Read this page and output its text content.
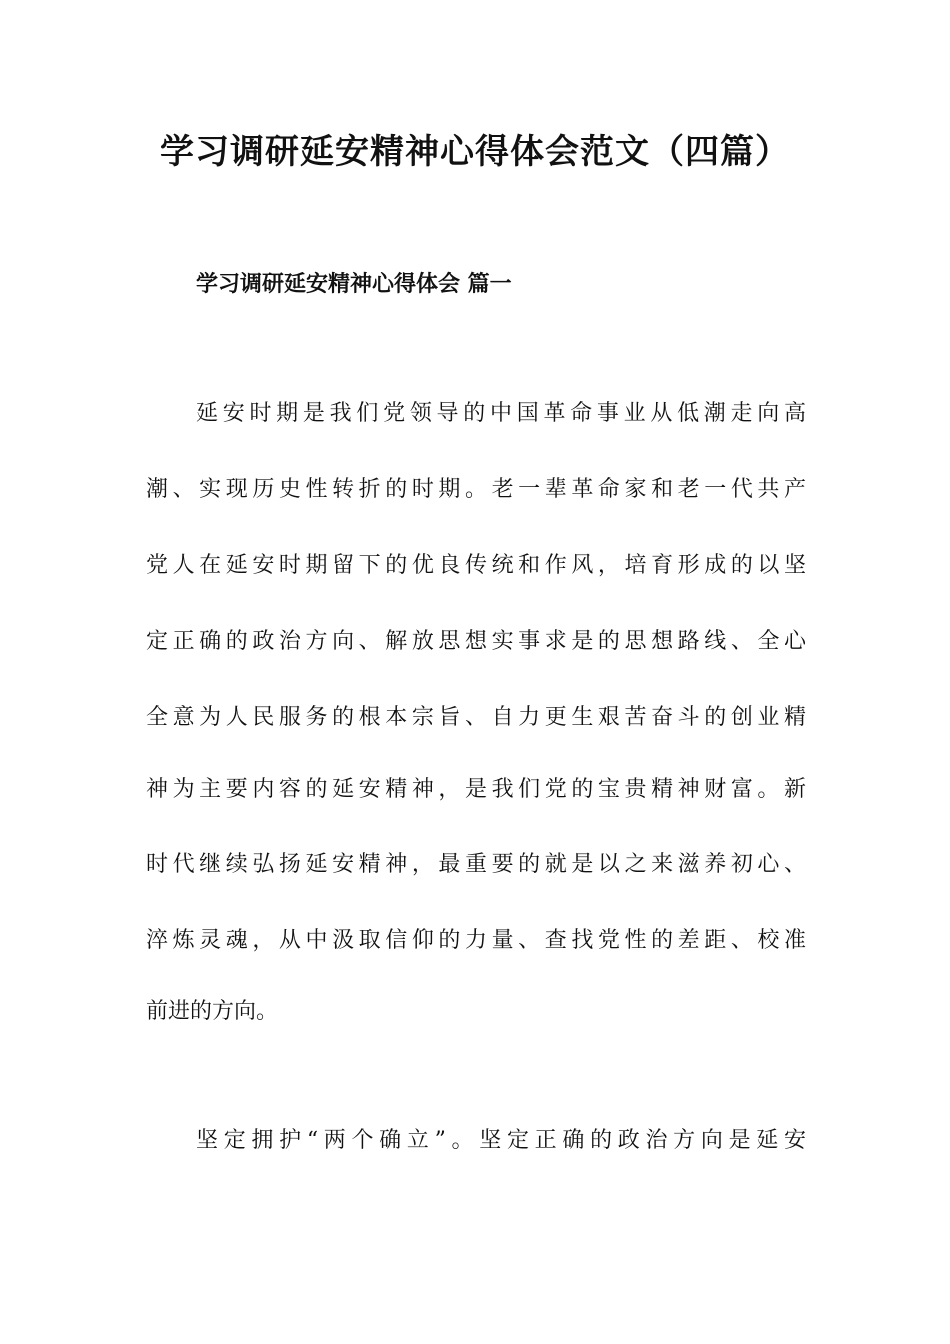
学习调研延安精神心得体会范文（四篇）
学习调研延安精神心得体会 篇一
延安时期是我们党领导的中国革命事业从低潮走向高
潮、实现历史性转折的时期。老一辈革命家和老一代共产
党人在延安时期留下的优良传统和作风，培育形成的以坚
定正确的政治方向、解放思想实事求是的思想路线、全心
全意为人民服务的根本宗旨、自力更生艰苦奋斗的创业精
神为主要内容的延安精神，是我们党的宝贵精神财富。新
时代继续弘扬延安精神，最重要的就是以之来滋养初心、
淬炼灵魂，从中汲取信仰的力量、查找党性的差距、校准
前进的方向。
坚定拥护“两个确立”。坚定正确的政治方向是延安
